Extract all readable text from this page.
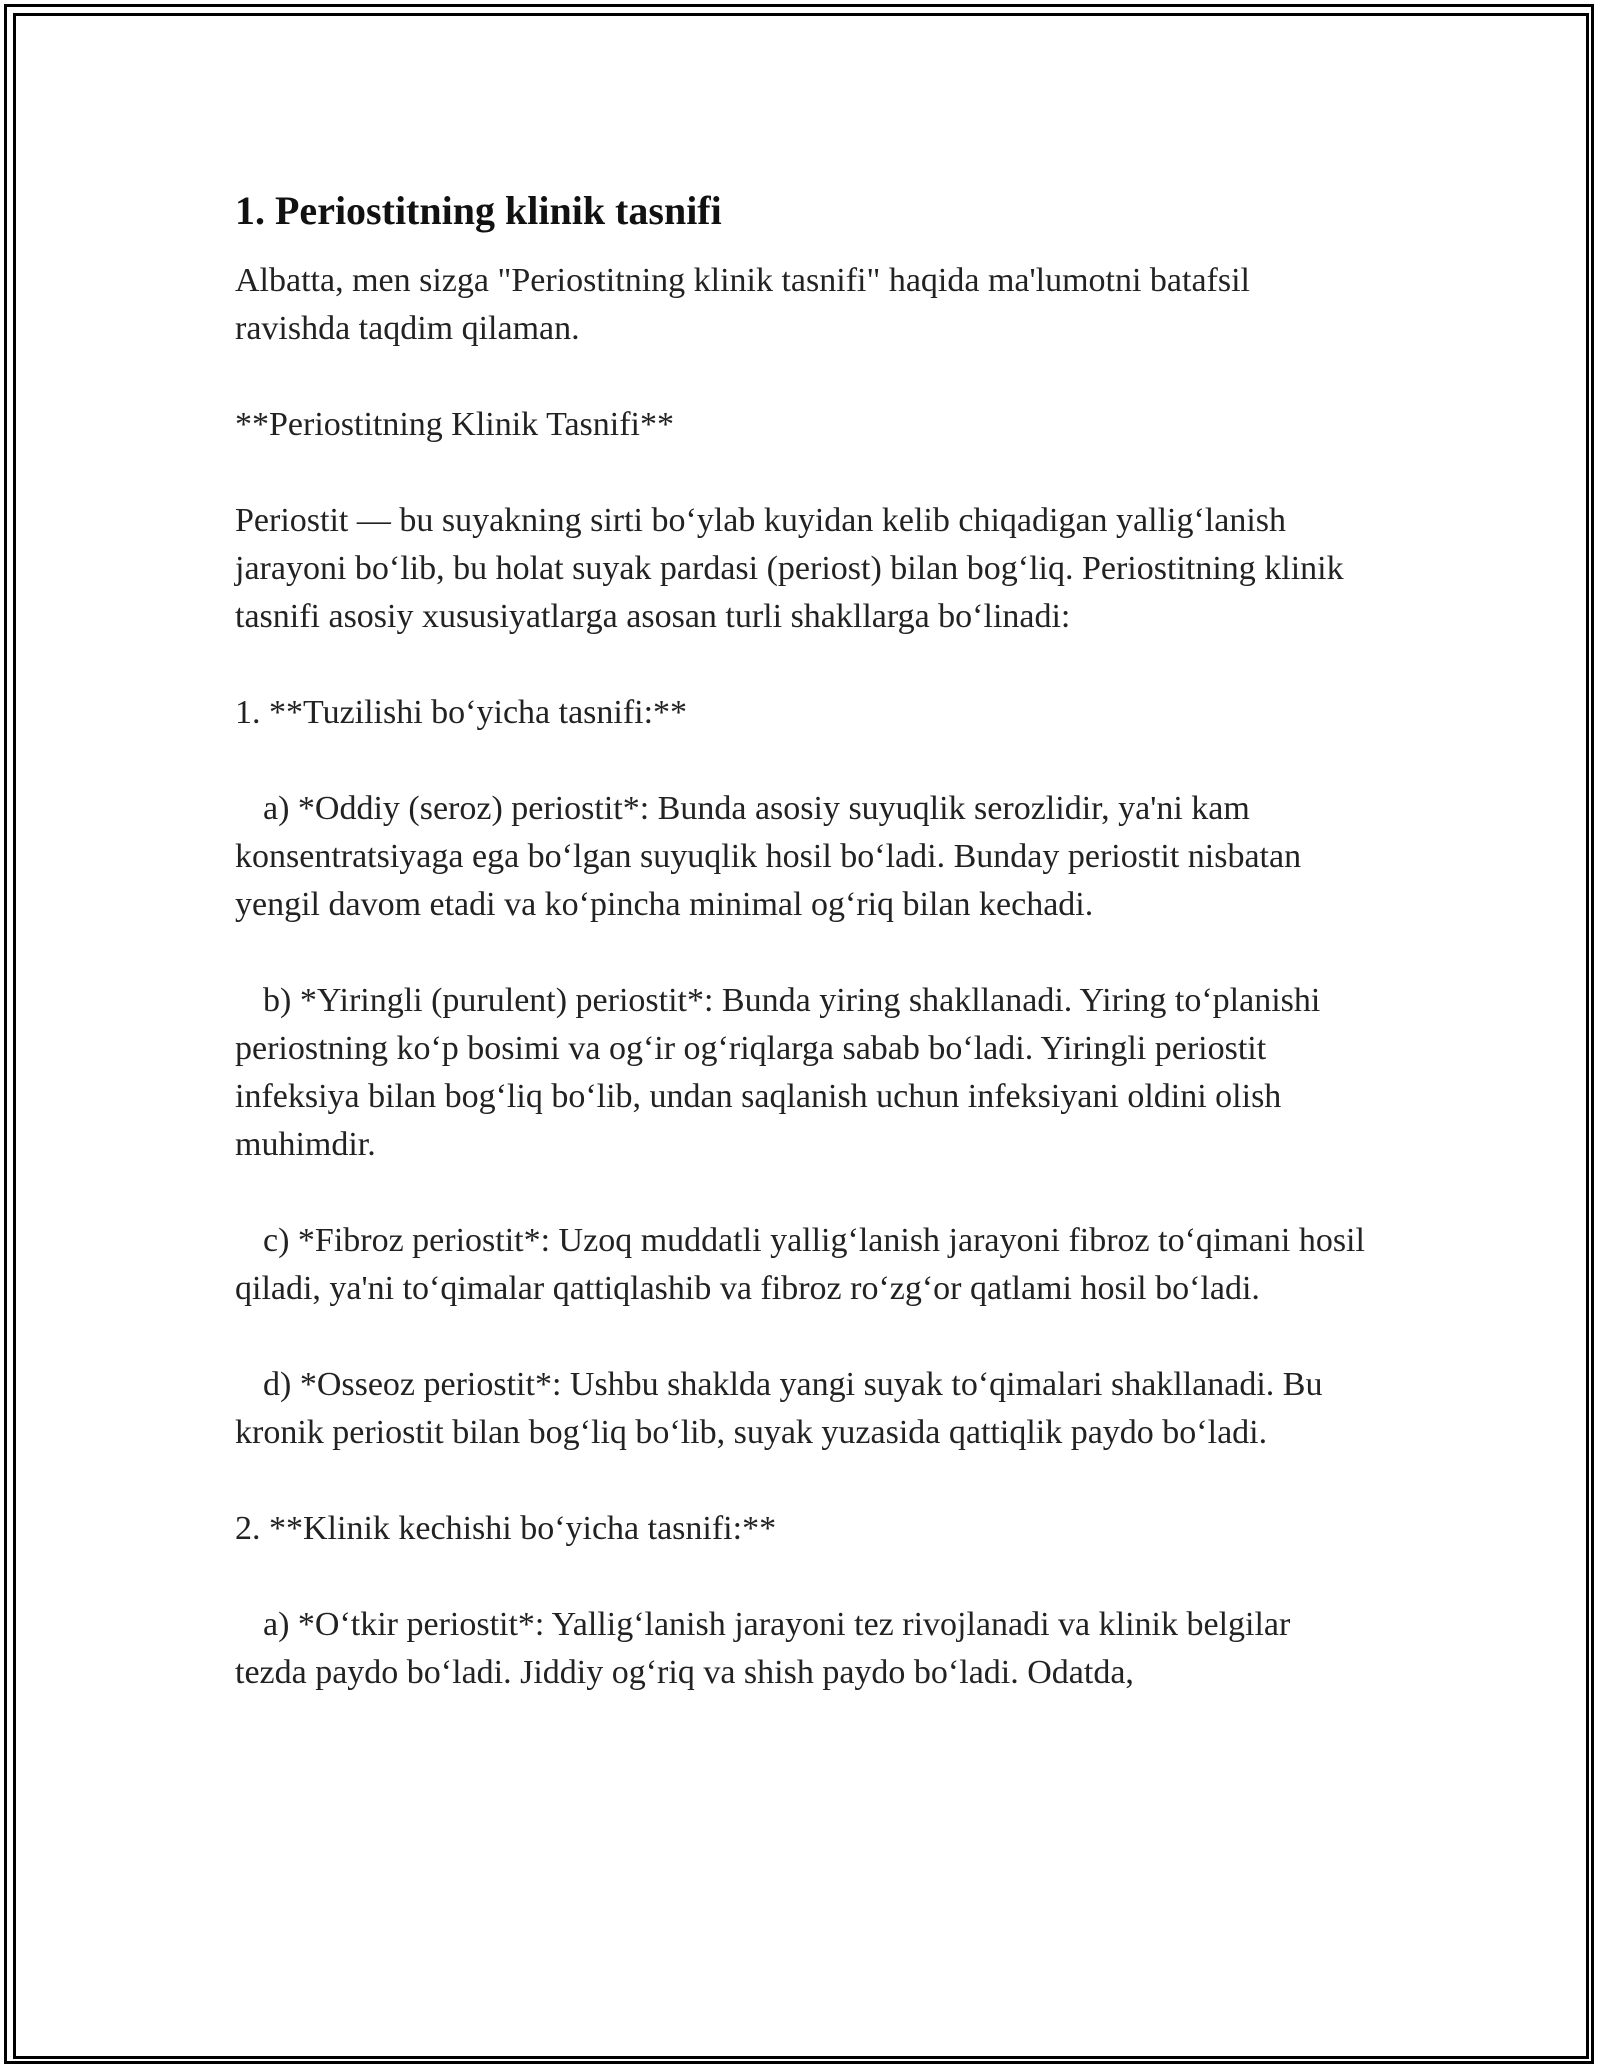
1. Periostitning klinik tasnifi

Albatta, men sizga "Periostitning klinik tasnifi" haqida ma'lumotni batafsil ravishda taqdim qilaman.

**Periostitning Klinik Tasnifi**

Periostit — bu suyakning sirti bo‘ylab kuyidan kelib chiqadigan yallig‘lanish jarayoni bo‘lib, bu holat suyak pardasi (periost) bilan bog‘liq. Periostitning klinik tasnifi asosiy xususiyatlarga asosan turli shakllarga bo‘linadi:

1. **Tuzilishi bo‘yicha tasnifi:**

a) *Oddiy (seroz) periostit*: Bunda asosiy suyuqlik serozlidir, ya'ni kam konsentratsiyaga ega bo‘lgan suyuqlik hosil bo‘ladi. Bunday periostit nisbatan yengil davom etadi va ko‘pincha minimal og‘riq bilan kechadi.

b) *Yiringli (purulent) periostit*: Bunda yiring shakllanadi. Yiring to‘planishi periostning ko‘p bosimi va og‘ir og‘riqlarga sabab bo‘ladi. Yiringli periostit infeksiya bilan bog‘liq bo‘lib, undan saqlanish uchun infeksiyani oldini olish muhimdir.

c) *Fibroz periostit*: Uzoq muddatli yallig‘lanish jarayoni fibroz to‘qimani hosil qiladi, ya'ni to‘qimalar qattiqlashib va fibroz ro‘zg‘or qatlami hosil bo‘ladi.

d) *Osseoz periostit*: Ushbu shaklda yangi suyak to‘qimalari shakllanadi. Bu kronik periostit bilan bog‘liq bo‘lib, suyak yuzasida qattiqlik paydo bo‘ladi.

2. **Klinik kechishi bo‘yicha tasnifi:**

a) *O‘tkir periostit*: Yallig‘lanish jarayoni tez rivojlanadi va klinik belgilar tezda paydo bo‘ladi. Jiddiy og‘riq va shish paydo bo‘ladi. Odatda,
